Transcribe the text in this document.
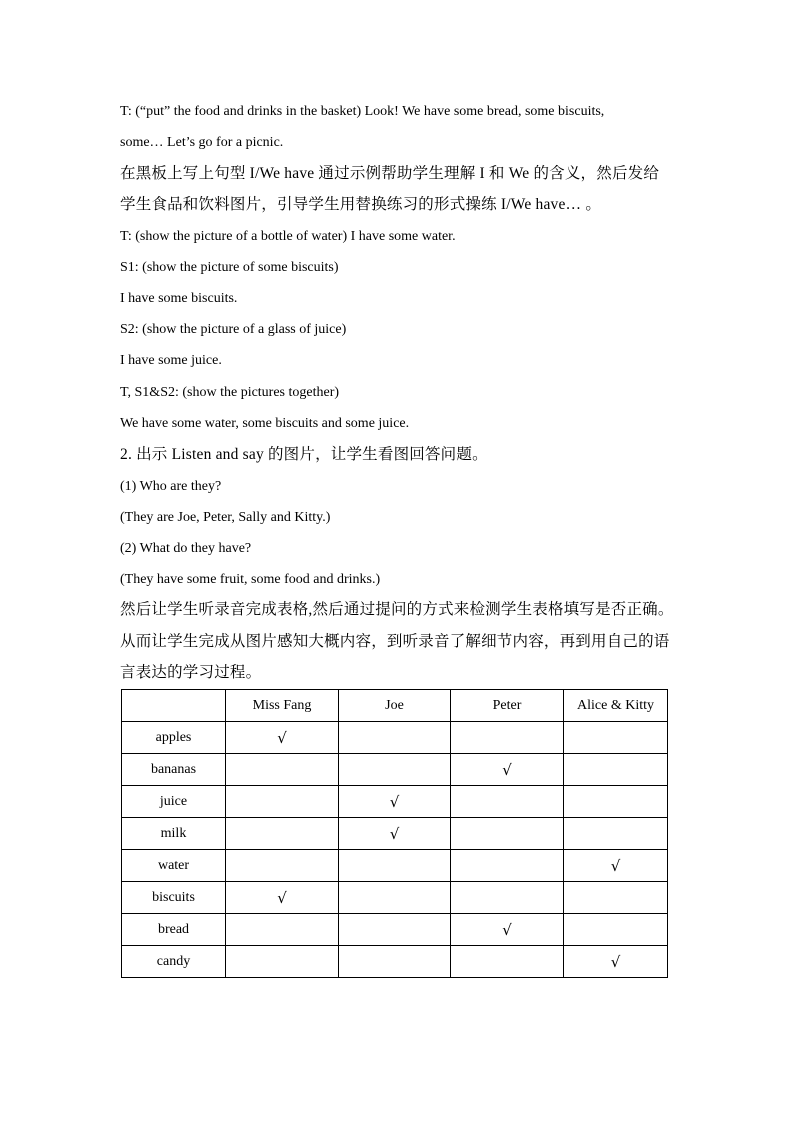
T: (“put” the food and drinks in the basket) Look! We have some bread, some biscuits,
some… Let’s go for a picnic.
在黑板上写上句型 I/We have 通过示例帮助学生理解 I 和 We 的含义，然后发给
学生食品和饮料图片，引导学生用替换练习的形式操练 I/We have… 。
T: (show the picture of a bottle of water) I have some water.
S1: (show the picture of some biscuits)
I have some biscuits.
S2: (show the picture of a glass of juice)
I have some juice.
T, S1&S2: (show the pictures together)
We have some water, some biscuits and some juice.
2. 出示 Listen and say 的图片，让学生看图回答问题。
(1) Who are they?
(They are Joe, Peter, Sally and Kitty.)
(2) What do they have?
(They have some fruit, some food and drinks.)
然后让学生听录音完成表格,然后通过提问的方式来检测学生表格填写是否正确。
从而让学生完成从图片感知大概内容，到听录音了解细节内容，再到用自己的语
言表达的学习过程。
	Miss Fang	Joe	Peter	Alice & Kitty
apples	√			
bananas			√	
juice		√		
milk		√		
water				√
biscuits	√			
bread			√	
candy				√
